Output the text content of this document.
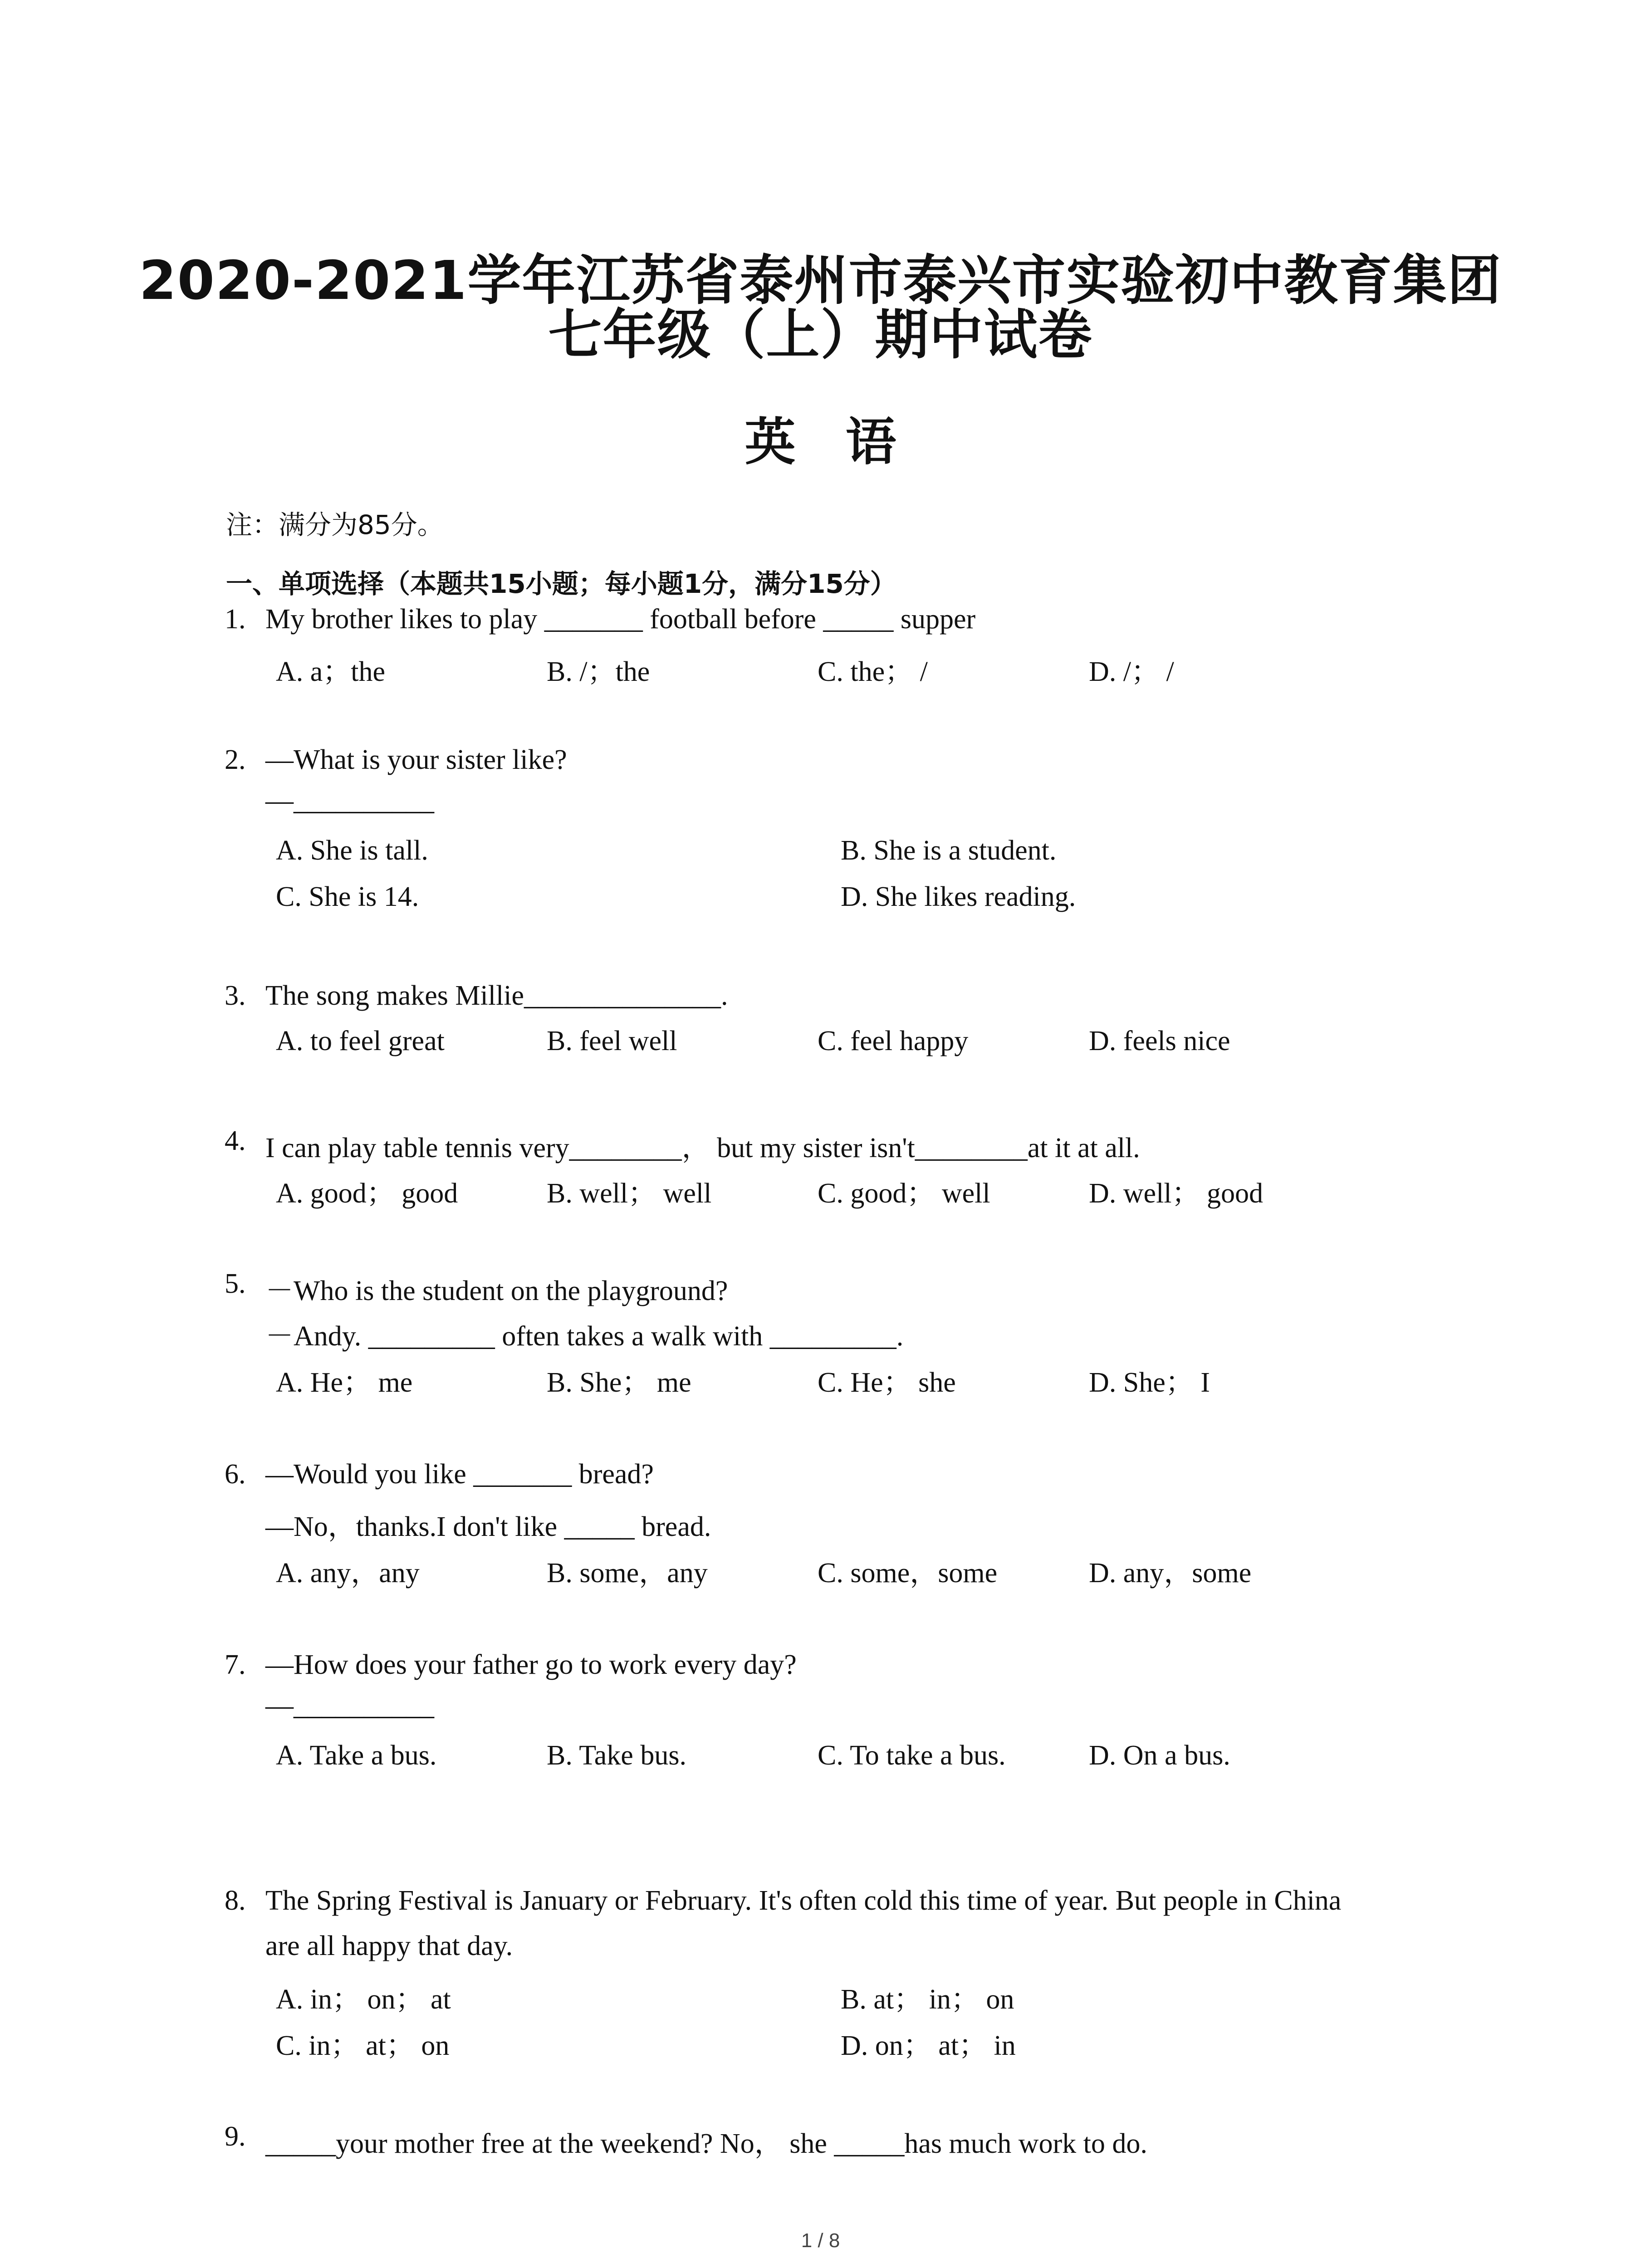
2020-2021学年江苏省泰州市泰兴市实验初中教育集团
七年级（上）期中试卷
英语
注：满分为85分。
一、单项选择（本题共15小题；每小题1分，满分15分）
1. My brother likes to play _______ football before _____ supper
A. a；the	B. /；the	C. the； /	D. /； /
2. —What is your sister like?
—__________
A. She is tall.	B. She is a student.
C. She is 14.	D. She likes reading.
3. The song makes Millie______________.
A. to feel great	B. feel well	C. feel happy	D. feels nice
4. I can play table tennis very________， but my sister isn't________at it at all.
A. good； good	B. well； well	C. good； well	D. well； good
5. －Who is the student on the playground?
－Andy. _________ often takes a walk with _________.
A. He； me	B. She； me	C. He； she	D. She； I
6. —Would you like _______ bread?
—No，thanks.I don't like _____ bread.
A. any，any	B. some，any	C. some，some	D. any，some
7. —How does your father go to work every day?
—__________
A. Take a bus.	B. Take bus.	C. To take a bus.	D. On a bus.
8. The Spring Festival is January or February. It's often cold this time of year. But people in China
are all happy that day.
A. in； on； at	B. at； in； on
C. in； at； on	D. on； at； in
9. _____your mother free at the weekend? No， she _____has much work to do.
1 / 8
